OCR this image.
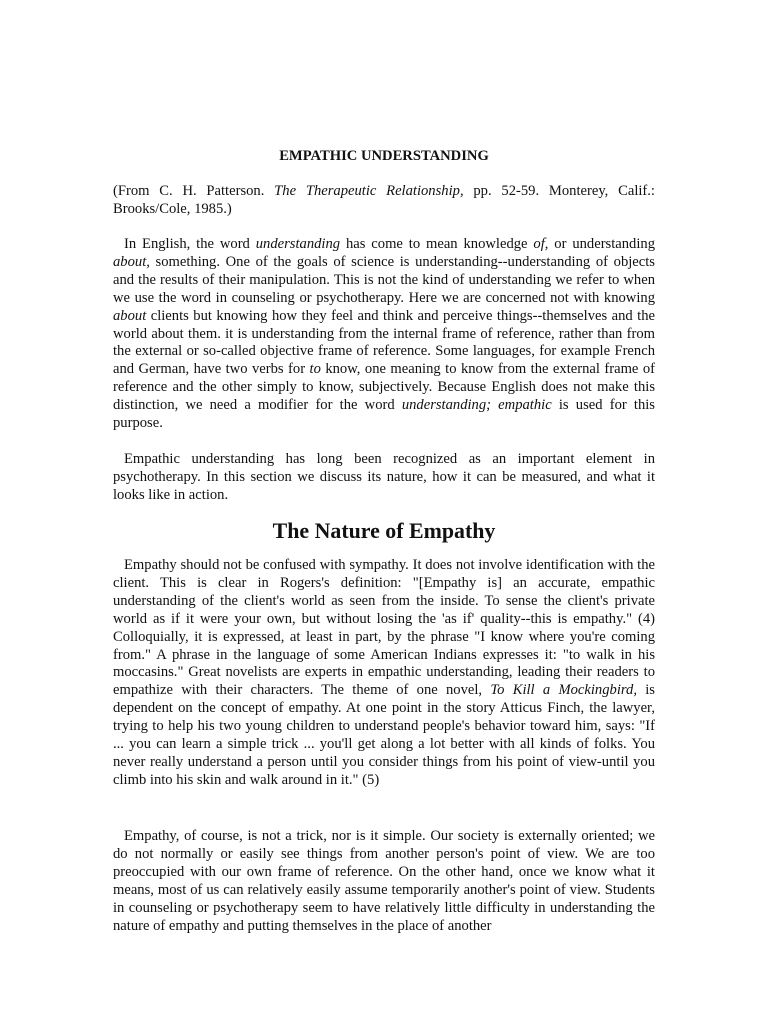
EMPATHIC UNDERSTANDING

(From C. H. Patterson. The Therapeutic Relationship, pp. 52-59. Monterey, Calif.: Brooks/Cole, 1985.)

In English, the word understanding has come to mean knowledge of, or understanding about, something. One of the goals of science is understanding--understanding of objects and the results of their manipulation. This is not the kind of understanding we refer to when we use the word in counseling or psychotherapy. Here we are concerned not with knowing about clients but knowing how they feel and think and perceive things--themselves and the world about them. it is understanding from the internal frame of reference, rather than from the external or so-called objective frame of reference. Some languages, for example French and German, have two verbs for to know, one meaning to know from the external frame of reference and the other simply to know, subjectively. Because English does not make this distinction, we need a modifier for the word understanding; empathic is used for this purpose.

Empathic understanding has long been recognized as an important element in psychotherapy. In this section we discuss its nature, how it can be measured, and what it looks like in action.

The Nature of Empathy

Empathy should not be confused with sympathy. It does not involve identification with the client. This is clear in Rogers's definition: "[Empathy is] an accurate, empathic understanding of the client's world as seen from the inside. To sense the client's private world as if it were your own, but without losing the 'as if' quality--this is empathy." (4) Colloquially, it is expressed, at least in part, by the phrase "I know where you're coming from." A phrase in the language of some American Indians expresses it: "to walk in his moccasins." Great novelists are experts in empathic understanding, leading their readers to empathize with their characters. The theme of one novel, To Kill a Mockingbird, is dependent on the concept of empathy. At one point in the story Atticus Finch, the lawyer, trying to help his two young children to understand people's behavior toward him, says: "If ... you can learn a simple trick ... you'll get along a lot better with all kinds of folks. You never really understand a person until you consider things from his point of view-until you climb into his skin and walk around in it." (5)

Empathy, of course, is not a trick, nor is it simple. Our society is externally oriented; we do not normally or easily see things from another person's point of view. We are too preoccupied with our own frame of reference. On the other hand, once we know what it means, most of us can relatively easily assume temporarily another's point of view. Students in counseling or psychotherapy seem to have relatively little difficulty in understanding the nature of empathy and putting themselves in the place of another
